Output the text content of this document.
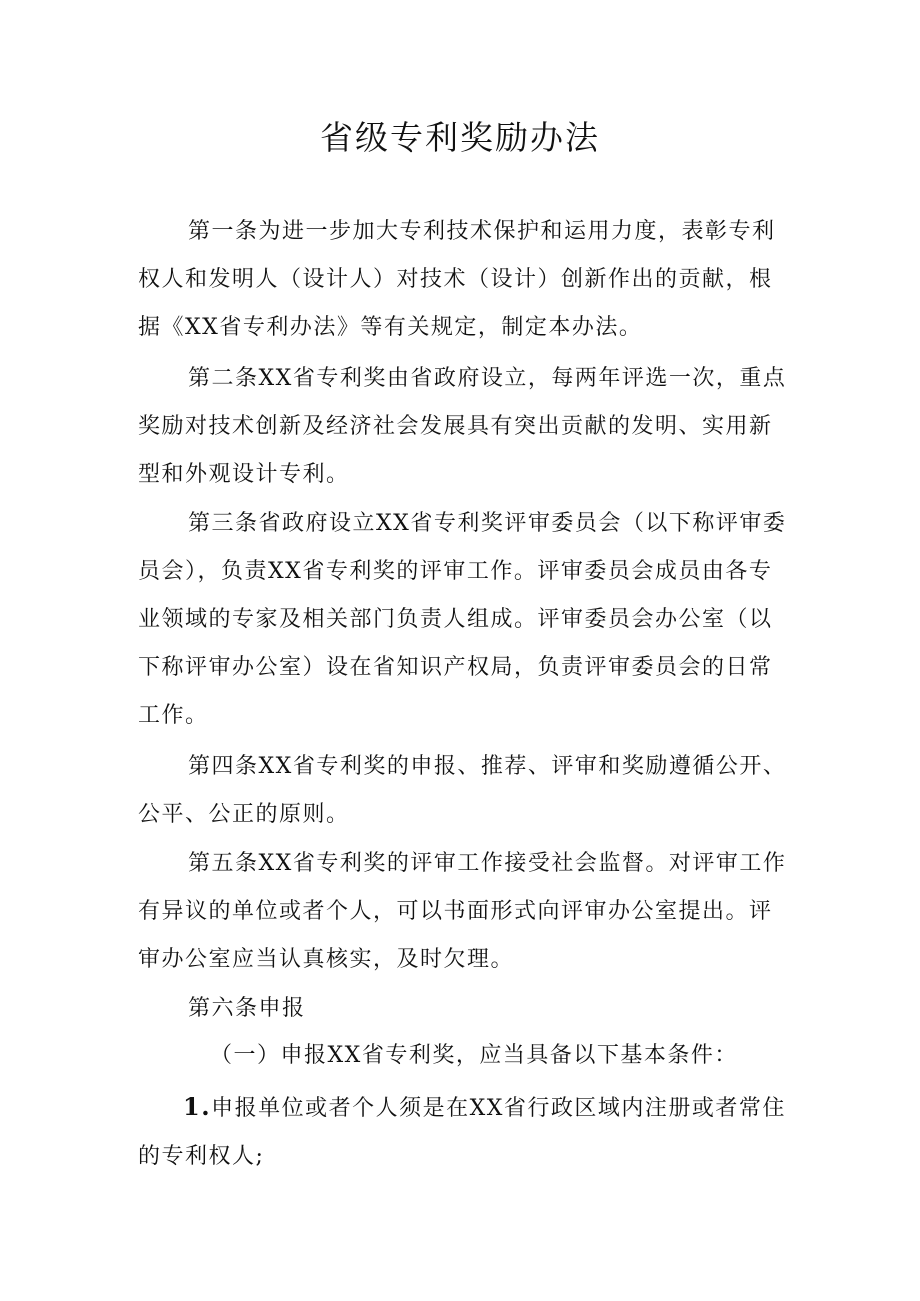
省级专利奖励办法

第一条为进一步加大专利技术保护和运用力度，表彰专利权人和发明人（设计人）对技术（设计）创新作出的贡献，根据《XX省专利办法》等有关规定，制定本办法。

第二条XX省专利奖由省政府设立，每两年评选一次，重点奖励对技术创新及经济社会发展具有突出贡献的发明、实用新型和外观设计专利。

第三条省政府设立XX省专利奖评审委员会（以下称评审委员会），负责XX省专利奖的评审工作。评审委员会成员由各专业领域的专家及相关部门负责人组成。评审委员会办公室（以下称评审办公室）设在省知识产权局，负责评审委员会的日常工作。

第四条XX省专利奖的申报、推荐、评审和奖励遵循公开、公平、公正的原则。

第五条XX省专利奖的评审工作接受社会监督。对评审工作有异议的单位或者个人，可以书面形式向评审办公室提出。评审办公室应当认真核实，及时欠理。

第六条申报

（一）申报XX省专利奖，应当具备以下基本条件：

1.申报单位或者个人须是在XX省行政区域内注册或者常住的专利权人;
